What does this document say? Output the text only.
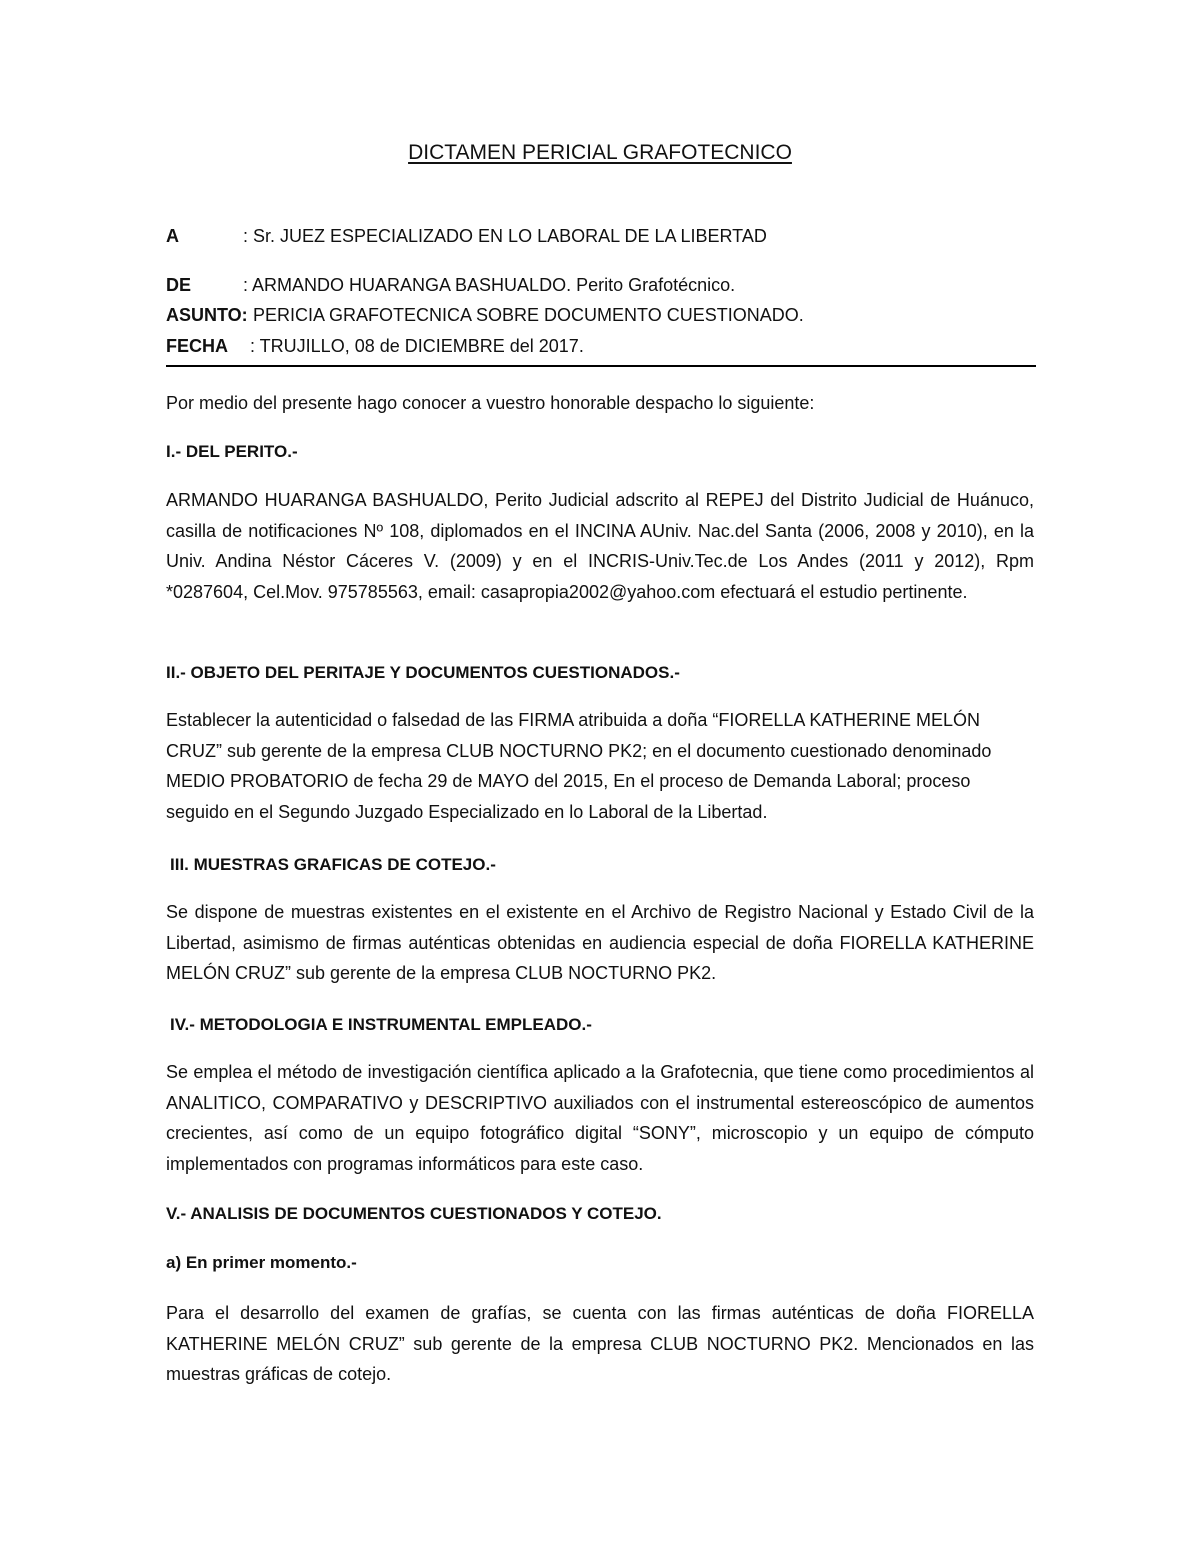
DICTAMEN PERICIAL GRAFOTECNICO
A	: Sr. JUEZ ESPECIALIZADO EN LO LABORAL DE LA LIBERTAD
DE	: ARMANDO HUARANGA BASHUALDO. Perito Grafotécnico.
ASUNTO: PERICIA GRAFOTECNICA SOBRE DOCUMENTO CUESTIONADO.
FECHA : TRUJILLO, 08 de DICIEMBRE del 2017.

Por medio del presente hago conocer a vuestro honorable despacho lo siguiente:

I.- DEL PERITO.-

ARMANDO HUARANGA BASHUALDO, Perito Judicial adscrito al REPEJ del Distrito Judicial de Huánuco, casilla de notificaciones Nº 108, diplomados en el INCINA AUniv. Nac.del Santa (2006, 2008 y 2010), en la Univ. Andina Néstor Cáceres V. (2009) y en el INCRIS-Univ.Tec.de Los Andes (2011 y 2012), Rpm *0287604, Cel.Mov. 975785563, email: casapropia2002@yahoo.com efectuará el estudio pertinente.

II.- OBJETO DEL PERITAJE Y DOCUMENTOS CUESTIONADOS.-

Establecer la autenticidad o falsedad de las FIRMA atribuida a doña “FIORELLA KATHERINE MELÓN CRUZ” sub gerente de la empresa CLUB NOCTURNO PK2; en el documento cuestionado denominado MEDIO PROBATORIO de fecha 29 de MAYO del 2015, En el proceso de Demanda Laboral; proceso seguido en el Segundo Juzgado Especializado en lo Laboral de la Libertad.

III. MUESTRAS GRAFICAS DE COTEJO.-

Se dispone de muestras existentes en el existente en el Archivo de Registro Nacional y Estado Civil de la Libertad, asimismo de firmas auténticas obtenidas en audiencia especial de doña FIORELLA KATHERINE MELÓN CRUZ” sub gerente de la empresa CLUB NOCTURNO PK2.

IV.- METODOLOGIA E INSTRUMENTAL EMPLEADO.-

Se emplea el método de investigación científica aplicado a la Grafotecnia, que tiene como procedimientos al ANALITICO, COMPARATIVO y DESCRIPTIVO auxiliados con el instrumental estereoscópico de aumentos crecientes, así como de un equipo fotográfico digital “SONY”, microscopio y un equipo de cómputo implementados con programas informáticos para este caso.

V.- ANALISIS DE DOCUMENTOS CUESTIONADOS Y COTEJO.
a) En primer momento.-

Para el desarrollo del examen de grafías, se cuenta con las firmas auténticas de doña FIORELLA KATHERINE MELÓN CRUZ” sub gerente de la empresa CLUB NOCTURNO PK2. Mencionados en las muestras gráficas de cotejo.
